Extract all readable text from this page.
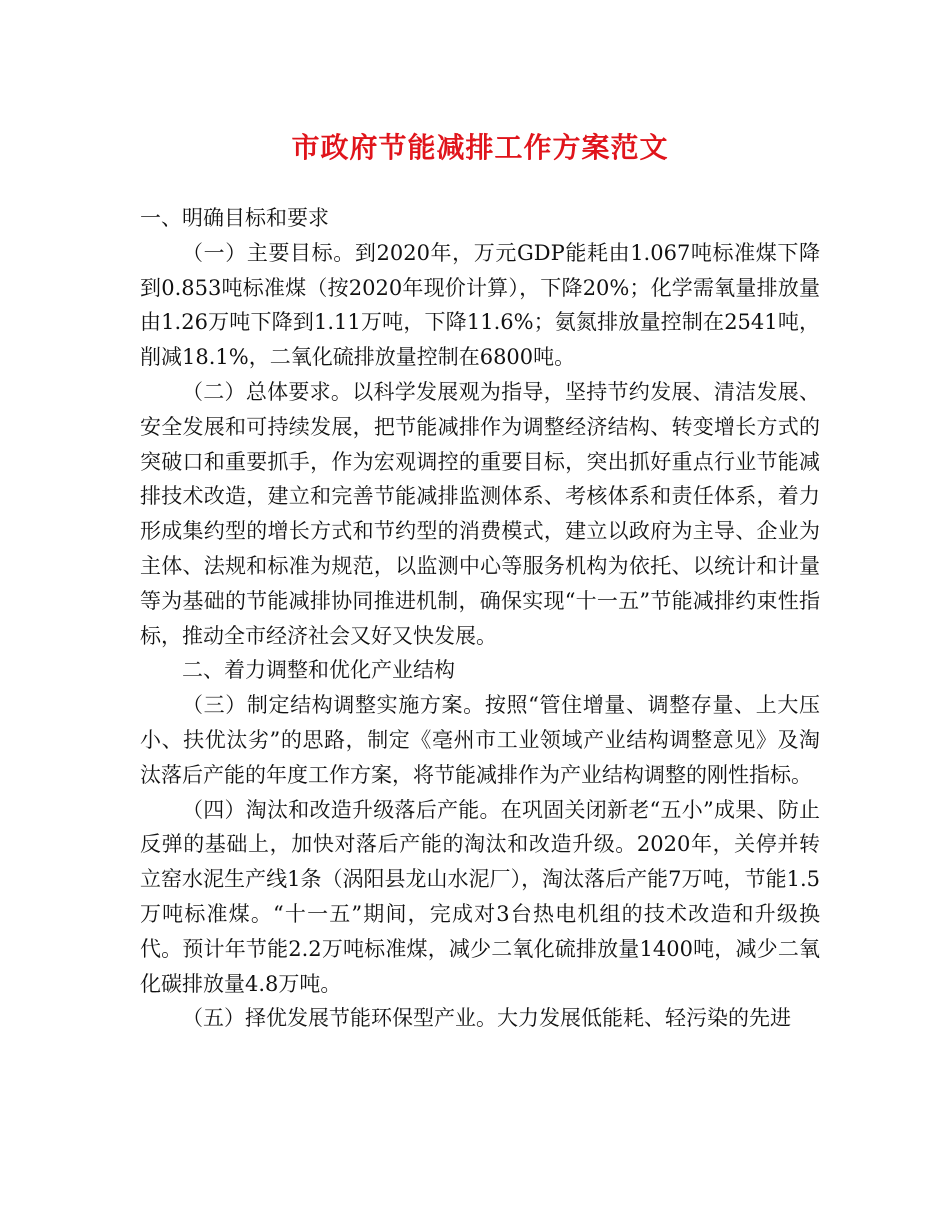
市政府节能减排工作方案范文

一、明确目标和要求

（一）主要目标。到2020年，万元GDP能耗由1.067吨标准煤下降到0.853吨标准煤（按2020年现价计算），下降20%；化学需氧量排放量由1.26万吨下降到1.11万吨，下降11.6%；氨氮排放量控制在2541吨，削减18.1%，二氧化硫排放量控制在6800吨。

（二）总体要求。以科学发展观为指导，坚持节约发展、清洁发展、安全发展和可持续发展，把节能减排作为调整经济结构、转变增长方式的突破口和重要抓手，作为宏观调控的重要目标，突出抓好重点行业节能减排技术改造，建立和完善节能减排监测体系、考核体系和责任体系，着力形成集约型的增长方式和节约型的消费模式，建立以政府为主导、企业为主体、法规和标准为规范，以监测中心等服务机构为依托、以统计和计量等为基础的节能减排协同推进机制，确保实现“十一五”节能减排约束性指标，推动全市经济社会又好又快发展。

二、着力调整和优化产业结构

（三）制定结构调整实施方案。按照“管住增量、调整存量、上大压小、扶优汰劣”的思路，制定《亳州市工业领域产业结构调整意见》及淘汰落后产能的年度工作方案，将节能减排作为产业结构调整的刚性指标。

（四）淘汰和改造升级落后产能。在巩固关闭新老“五小”成果、防止反弹的基础上，加快对落后产能的淘汰和改造升级。2020年，关停并转立窑水泥生产线1条（涡阳县龙山水泥厂），淘汰落后产能7万吨，节能1.5万吨标准煤。“十一五”期间，完成对3台热电机组的技术改造和升级换代。预计年节能2.2万吨标准煤，减少二氧化硫排放量1400吨，减少二氧化碳排放量4.8万吨。

（五）择优发展节能环保型产业。大力发展低能耗、轻污染的先进
